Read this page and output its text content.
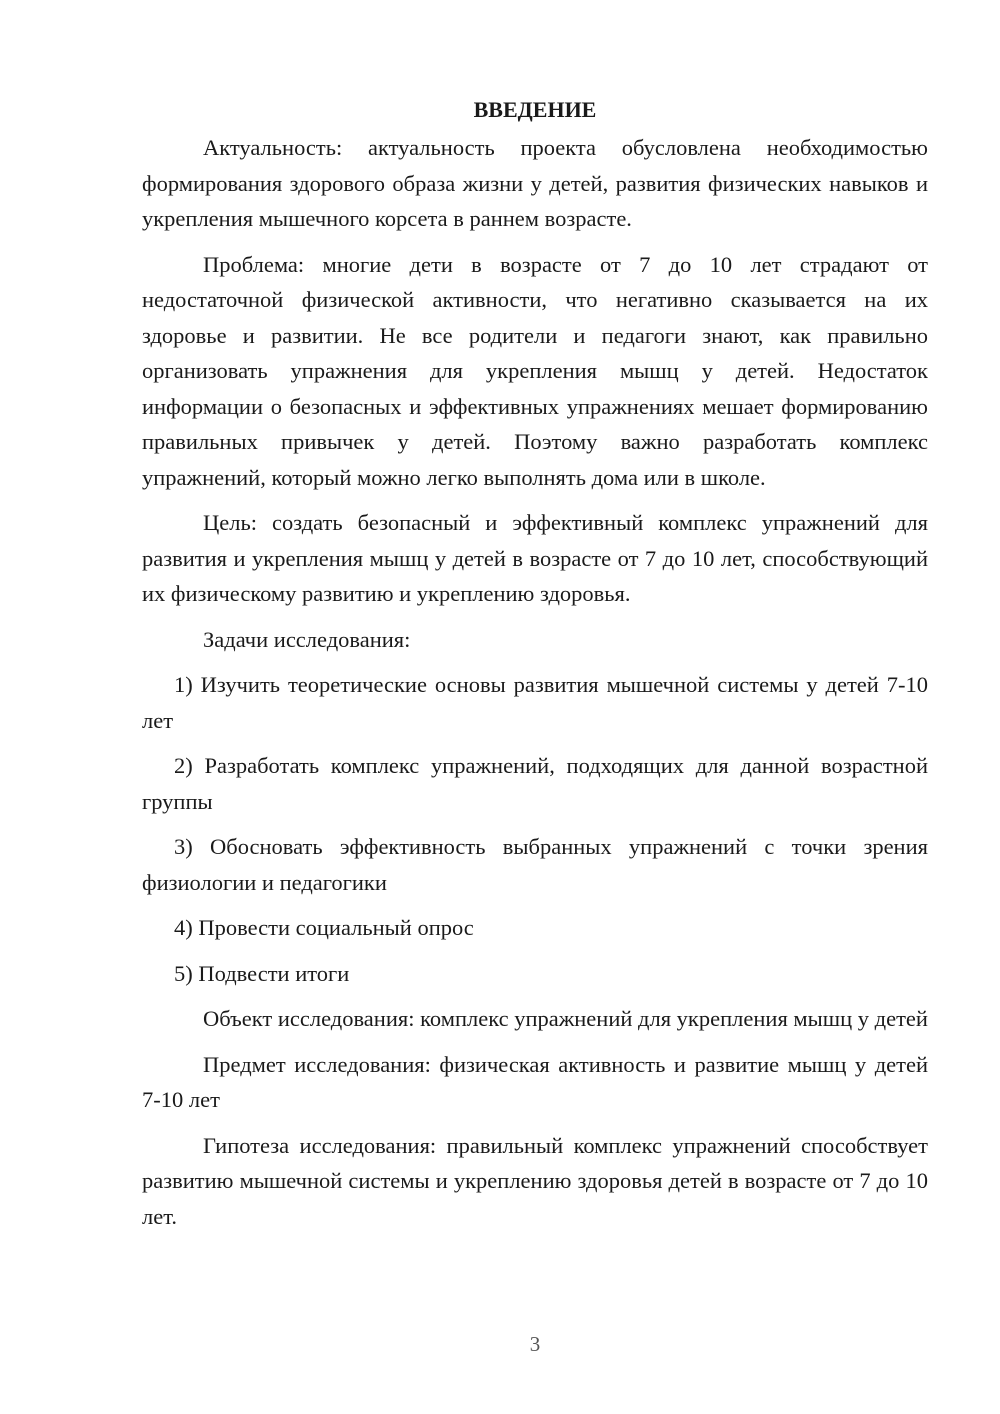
ВВЕДЕНИЕ

Актуальность: актуальность проекта обусловлена необходимостью формирования здорового образа жизни у детей, развития физических навыков и укрепления мышечного корсета в раннем возрасте.

Проблема: многие дети в возрасте от 7 до 10 лет страдают от недостаточной физической активности, что негативно сказывается на их здоровье и развитии. Не все родители и педагоги знают, как правильно организовать упражнения для укрепления мышц у детей. Недостаток информации о безопасных и эффективных упражнениях мешает формированию правильных привычек у детей. Поэтому важно разработать комплекс упражнений, который можно легко выполнять дома или в школе.

Цель: создать безопасный и эффективный комплекс упражнений для развития и укрепления мышц у детей в возрасте от 7 до 10 лет, способствующий их физическому развитию и укреплению здоровья.

Задачи исследования:

1) Изучить теоретические основы развития мышечной системы у детей 7-10 лет

2) Разработать комплекс упражнений, подходящих для данной возрастной группы

3) Обосновать эффективность выбранных упражнений с точки зрения физиологии и педагогики

4) Провести социальный опрос

5) Подвести итоги

Объект исследования: комплекс упражнений для укрепления мышц у детей

Предмет исследования: физическая активность и развитие мышц у детей 7-10 лет

Гипотеза исследования: правильный комплекс упражнений способствует развитию мышечной системы и укреплению здоровья детей в возрасте от 7 до 10 лет.

3
